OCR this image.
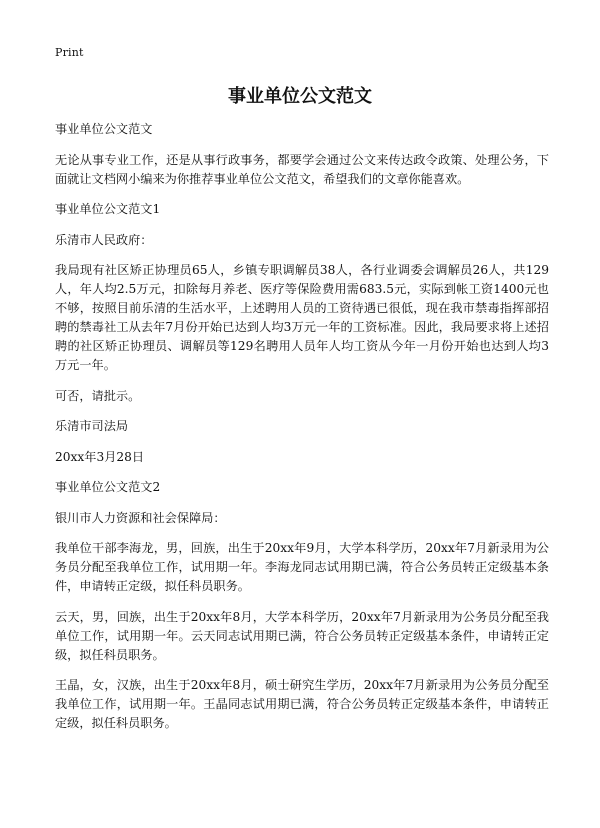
Print
事业单位公文范文

事业单位公文范文

无论从事专业工作，还是从事行政事务，都要学会通过公文来传达政令政策、处理公务，下面就让文档网小编来为你推荐事业单位公文范文，希望我们的文章你能喜欢。

事业单位公文范文1

乐清市人民政府：

我局现有社区矫正协理员65人，乡镇专职调解员38人，各行业调委会调解员26人，共129人，年人均2.5万元，扣除每月养老、医疗等保险费用需683.5元，实际到帐工资1400元也不够，按照目前乐清的生活水平，上述聘用人员的工资待遇已很低，现在我市禁毒指挥部招聘的禁毒社工从去年7月份开始已达到人均3万元一年的工资标准。因此，我局要求将上述招聘的社区矫正协理员、调解员等129名聘用人员年人均工资从今年一月份开始也达到人均3万元一年。

可否，请批示。

乐清市司法局

20xx年3月28日

事业单位公文范文2

银川市人力资源和社会保障局：

我单位干部李海龙，男，回族，出生于20xx年9月，大学本科学历，20xx年7月新录用为公务员分配至我单位工作，试用期一年。李海龙同志试用期已满，符合公务员转正定级基本条件，申请转正定级，拟任科员职务。

云天，男，回族，出生于20xx年8月，大学本科学历，20xx年7月新录用为公务员分配至我单位工作，试用期一年。云天同志试用期已满，符合公务员转正定级基本条件，申请转正定级，拟任科员职务。

王晶，女，汉族，出生于20xx年8月，硕士研究生学历，20xx年7月新录用为公务员分配至我单位工作，试用期一年。王晶同志试用期已满，符合公务员转正定级基本条件，申请转正定级，拟任科员职务。
